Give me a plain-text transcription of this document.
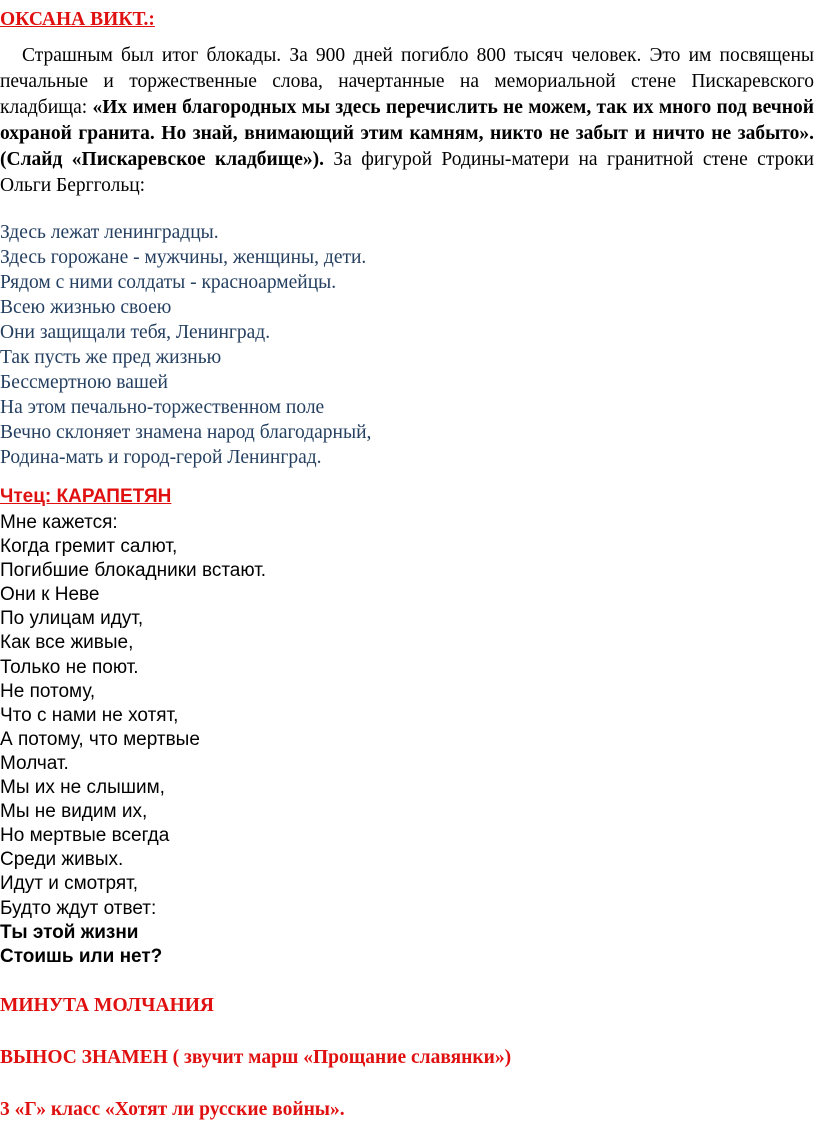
ОКСАНА ВИКТ.:
Страшным был итог блокады. За 900 дней погибло 800 тысяч человек. Это им посвящены печальные и торжественные слова, начертанные на мемориальной стене Пискаревского кладбища: «Их имен благородных мы здесь перечислить не можем, так их много под вечной охраной гранита. Но знай, внимающий этим камням, никто не забыт и ничто не забыто». (Слайд «Пискаревское кладбище»). За фигурой Родины-матери на гранитной стене строки Ольги Берггольц:
Здесь лежат ленинградцы.
Здесь горожане - мужчины, женщины, дети.
Рядом с ними солдаты - красноармейцы.
Всею жизнью своею
Они защищали тебя, Ленинград.
Так пусть же пред жизнью
Бессмертною вашей
На этом печально-торжественном поле
Вечно склоняет знамена народ благодарный,
Родина-мать и город-герой Ленинград.
Чтец: КАРАПЕТЯН
Мне кажется:
Когда гремит салют,
Погибшие блокадники встают.
Они к Неве
По улицам идут,
Как все живые,
Только не поют.
Не потому,
Что с нами не хотят,
А потому, что мертвые
Молчат.
Мы их не слышим,
Мы не видим их,
Но мертвые всегда
Среди живых.
Идут и смотрят,
Будто ждут ответ:
Ты этой жизни
Стоишь или нет?
МИНУТА МОЛЧАНИЯ
ВЫНОС ЗНАМЕН ( звучит марш «Прощание славянки»)
3 «Г» класс «Хотят ли русские войны».
